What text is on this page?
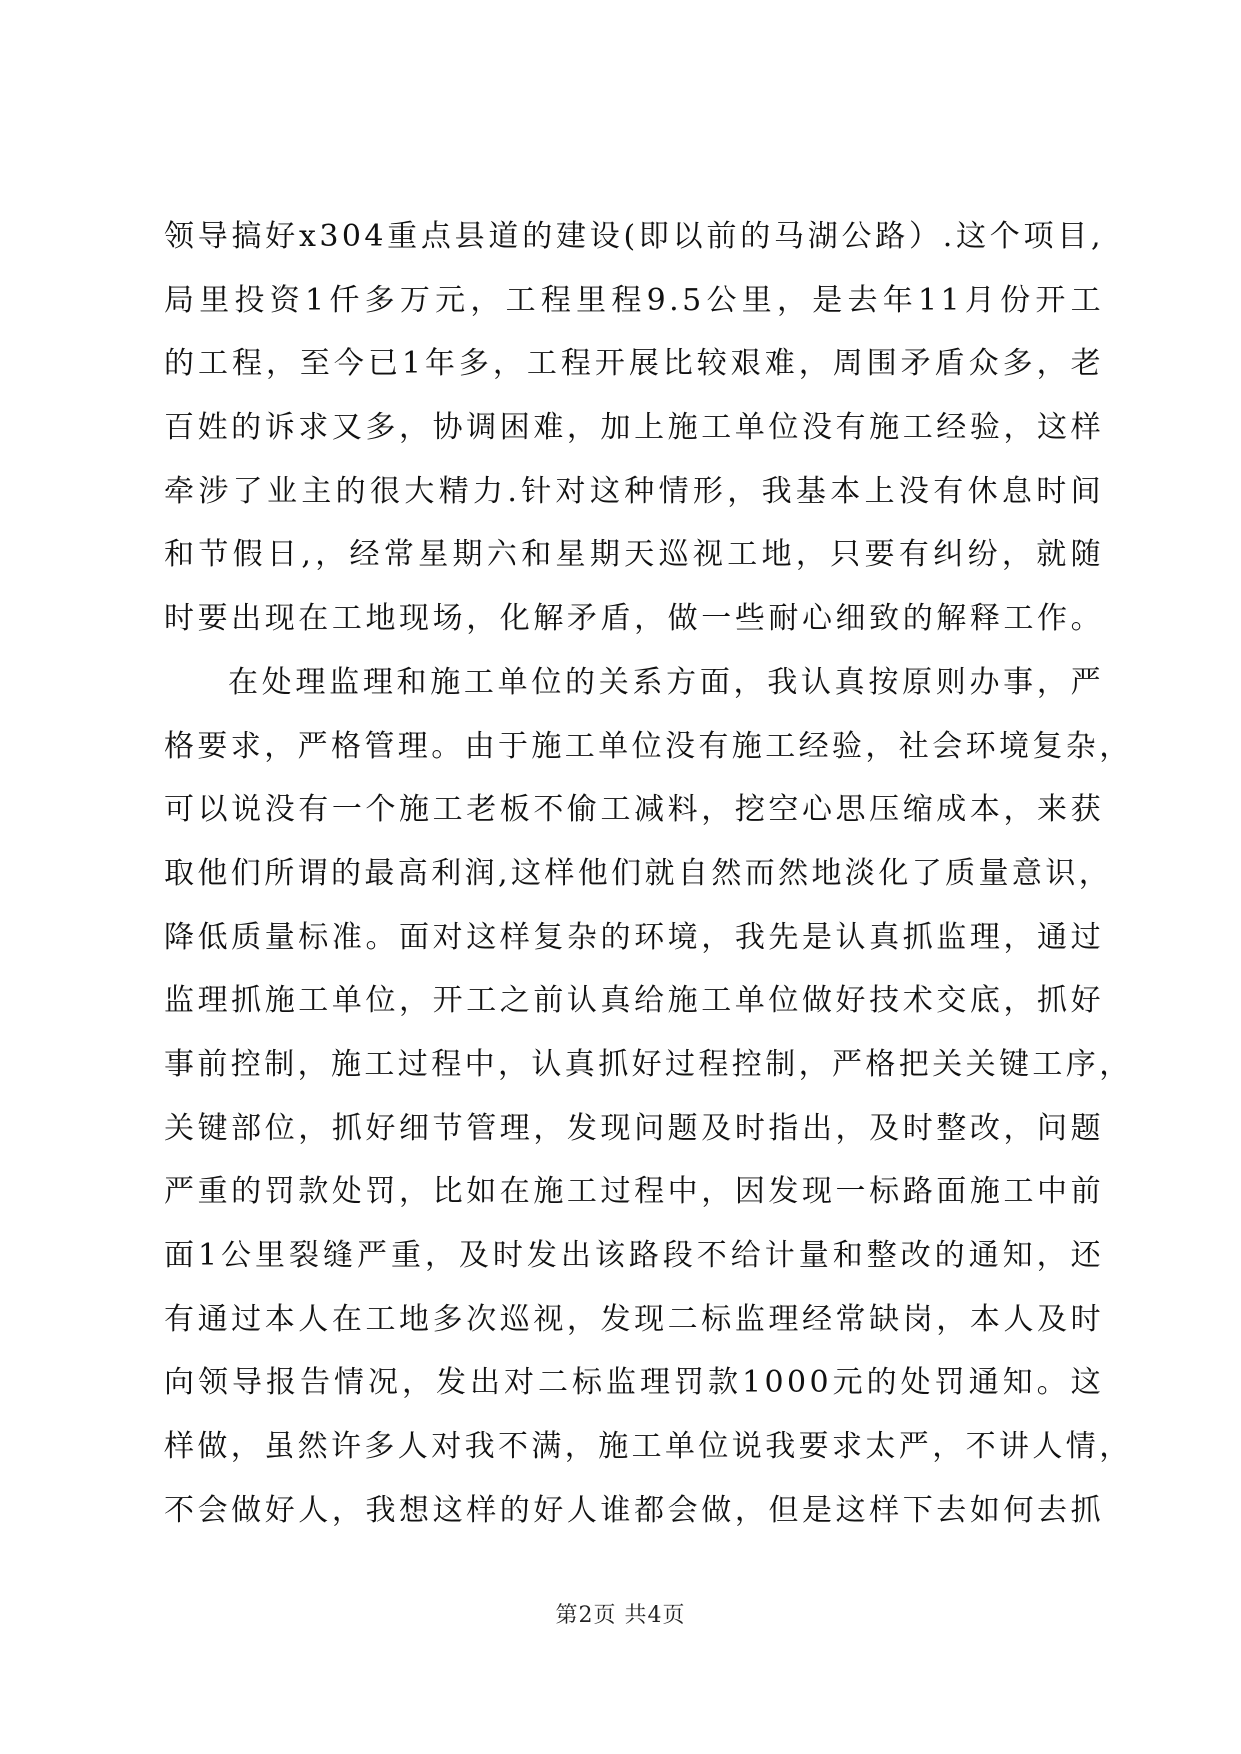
领导搞好x304重点县道的建设(即以前的马湖公路）.这个项目,
局里投资1仟多万元，工程里程9.5公里，是去年11月份开工
的工程，至今已1年多，工程开展比较艰难，周围矛盾众多，老
百姓的诉求又多，协调困难，加上施工单位没有施工经验，这样
牵涉了业主的很大精力.针对这种情形，我基本上没有休息时间
和节假日,，经常星期六和星期天巡视工地，只要有纠纷，就随
时要出现在工地现场，化解矛盾，做一些耐心细致的解释工作。
在处理监理和施工单位的关系方面，我认真按原则办事，严
格要求，严格管理。由于施工单位没有施工经验，社会环境复杂，
可以说没有一个施工老板不偷工减料，挖空心思压缩成本，来获
取他们所谓的最高利润,这样他们就自然而然地淡化了质量意识，
降低质量标准。面对这样复杂的环境，我先是认真抓监理，通过
监理抓施工单位，开工之前认真给施工单位做好技术交底，抓好
事前控制，施工过程中，认真抓好过程控制，严格把关关键工序，
关键部位，抓好细节管理，发现问题及时指出，及时整改，问题
严重的罚款处罚，比如在施工过程中，因发现一标路面施工中前
面1公里裂缝严重，及时发出该路段不给计量和整改的通知，还
有通过本人在工地多次巡视，发现二标监理经常缺岗，本人及时
向领导报告情况，发出对二标监理罚款1000元的处罚通知。这
样做，虽然许多人对我不满，施工单位说我要求太严，不讲人情，
不会做好人，我想这样的好人谁都会做，但是这样下去如何去抓
第2页 共4页
